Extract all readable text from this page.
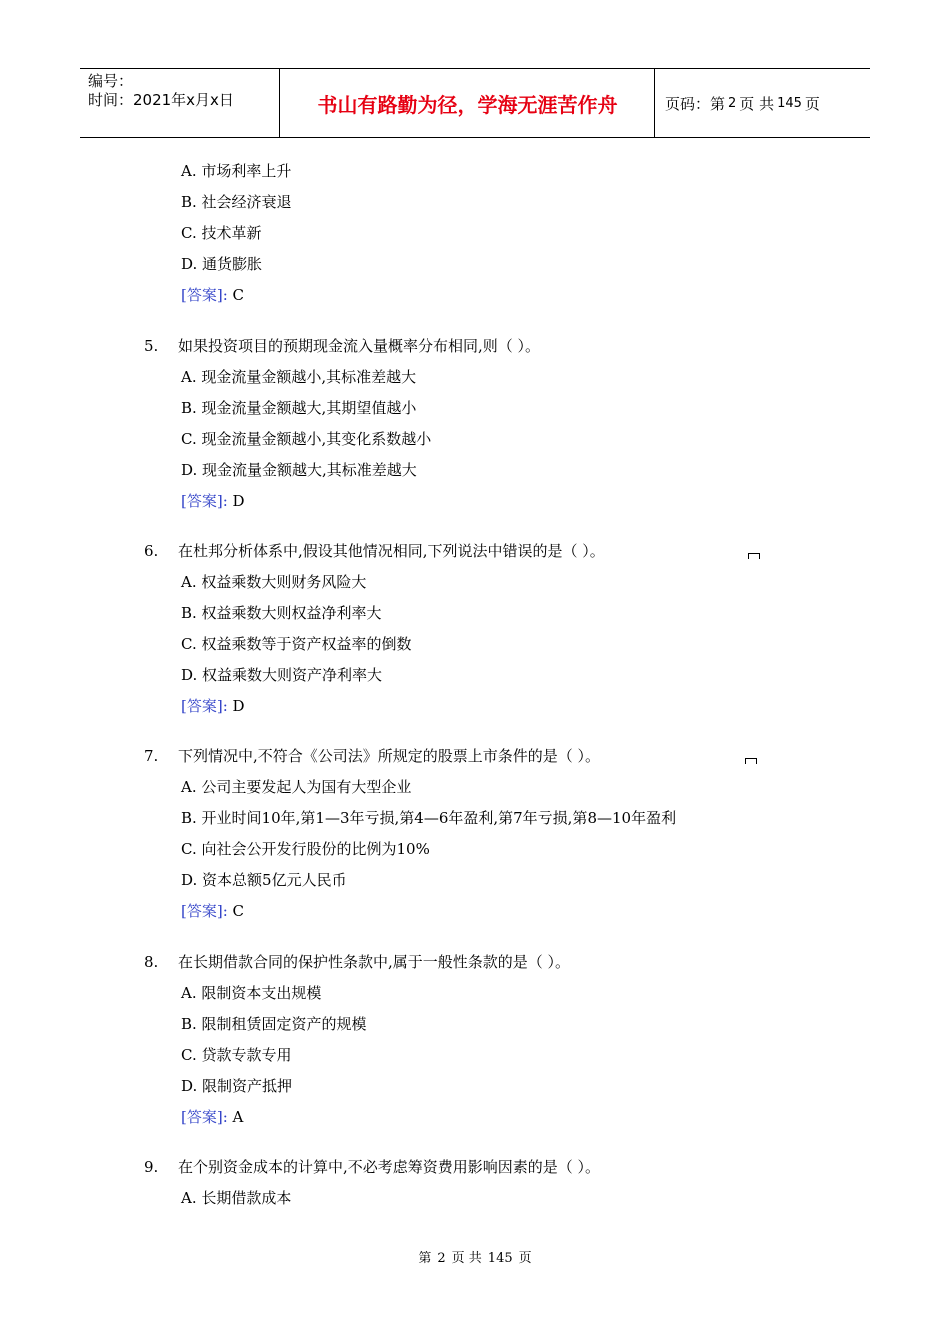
编号：
时间：2021年x月x日	书山有路勤为径，学海无涯苦作舟	页码：第 2 页 共 145 页
A. 市场利率上升
B. 社会经济衰退
C. 技术革新
D. 通货膨胀
[答案]: C
5. 如果投资项目的预期现金流入量概率分布相同,则（ ）。
A. 现金流量金额越小,其标准差越大
B. 现金流量金额越大,其期望值越小
C. 现金流量金额越小,其变化系数越小
D. 现金流量金额越大,其标准差越大
[答案]: D
6. 在杜邦分析体系中,假设其他情况相同,下列说法中错误的是（ ）。
A. 权益乘数大则财务风险大
B. 权益乘数大则权益净利率大
C. 权益乘数等于资产权益率的倒数
D. 权益乘数大则资产净利率大
[答案]: D
7. 下列情况中,不符合《公司法》所规定的股票上市条件的是（ ）。
A. 公司主要发起人为国有大型企业
B. 开业时间10年,第1—3年亏损,第4—6年盈利,第7年亏损,第8—10年盈利
C. 向社会公开发行股份的比例为10%
D. 资本总额5亿元人民币
[答案]: C
8. 在长期借款合同的保护性条款中,属于一般性条款的是（ ）。
A. 限制资本支出规模
B. 限制租赁固定资产的规模
C. 贷款专款专用
D. 限制资产抵押
[答案]: A
9. 在个别资金成本的计算中,不必考虑筹资费用影响因素的是（ ）。
A. 长期借款成本
第 2 页 共 145 页
